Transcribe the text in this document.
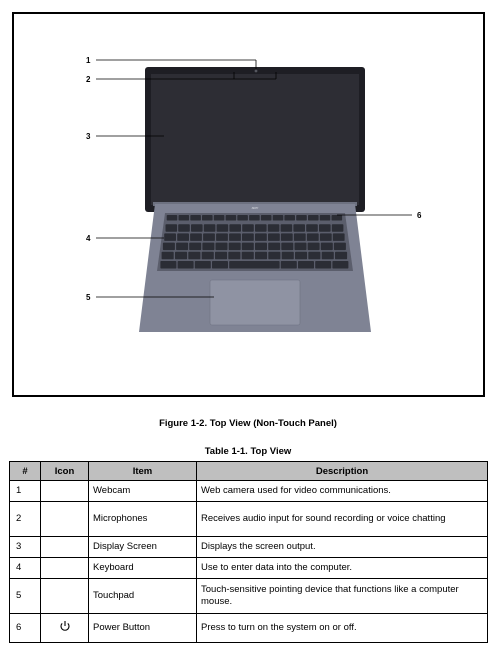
acer
1
2
3
4
5
6
Figure 1-2. Top View (Non-Touch Panel)
Table 1-1. Top View
#	Icon	Item	Description
1		Webcam	Web camera used for video communications.
2		Microphones	Receives audio input for sound recording or voice chatting
3		Display Screen	Displays the screen output.
4		Keyboard	Use to enter data into the computer.
5		Touchpad	Touch-sensitive pointing device that functions like a computer mouse.
6		Power Button	Press to turn on the system on or off.
